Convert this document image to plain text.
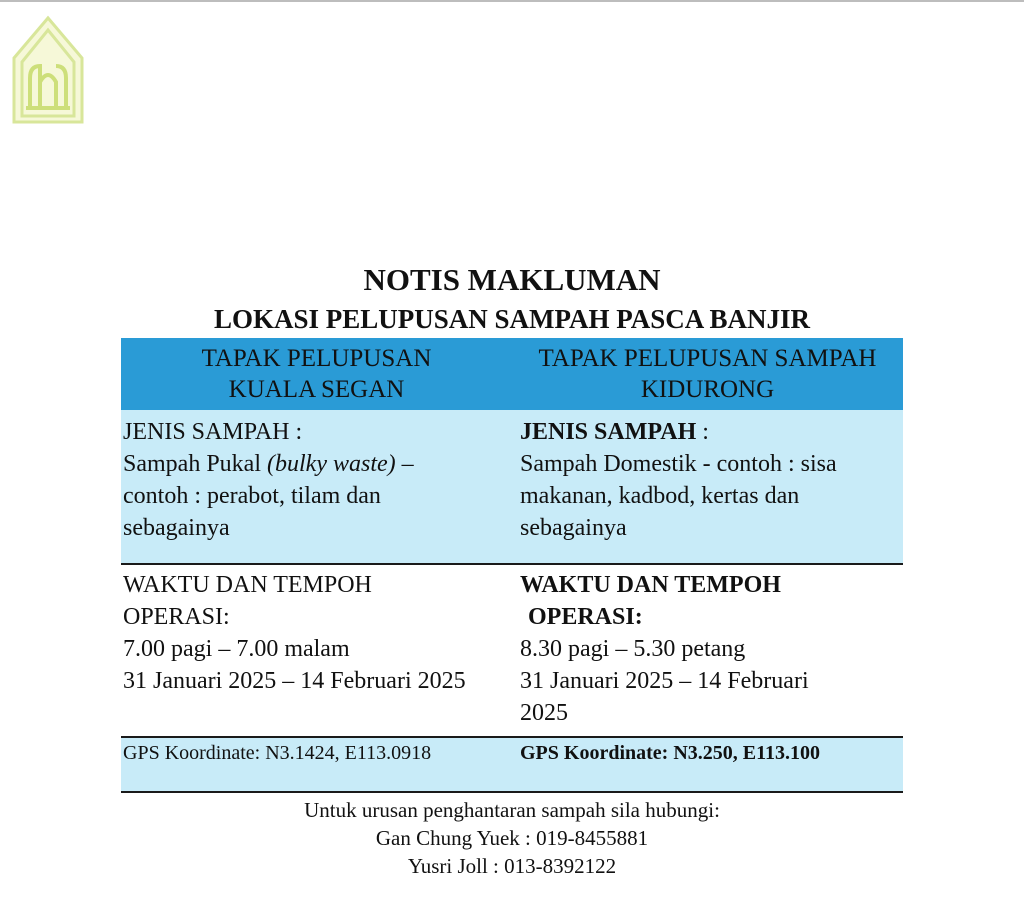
NOTIS MAKLUMAN
LOKASI PELUPUSAN SAMPAH PASCA BANJIR
TAPAK PELUPUSAN
KUALA SEGAN
TAPAK PELUPUSAN SAMPAH
KIDURONG
JENIS SAMPAH :
Sampah Pukal (bulky waste) –
contoh : perabot, tilam dan
sebagainya
JENIS SAMPAH :
Sampah Domestik - contoh : sisa
makanan, kadbod, kertas dan
sebagainya
WAKTU DAN TEMPOH
OPERASI:
7.00 pagi – 7.00 malam
31 Januari 2025 – 14 Februari 2025
WAKTU DAN TEMPOH
OPERASI:
8.30 pagi – 5.30 petang
31 Januari 2025 – 14 Februari
2025
GPS Koordinate: N3.1424, E113.0918	GPS Koordinate: N3.250, E113.100
Untuk urusan penghantaran sampah sila hubungi:
Gan Chung Yuek : 019-8455881
Yusri Joll : 013-8392122
